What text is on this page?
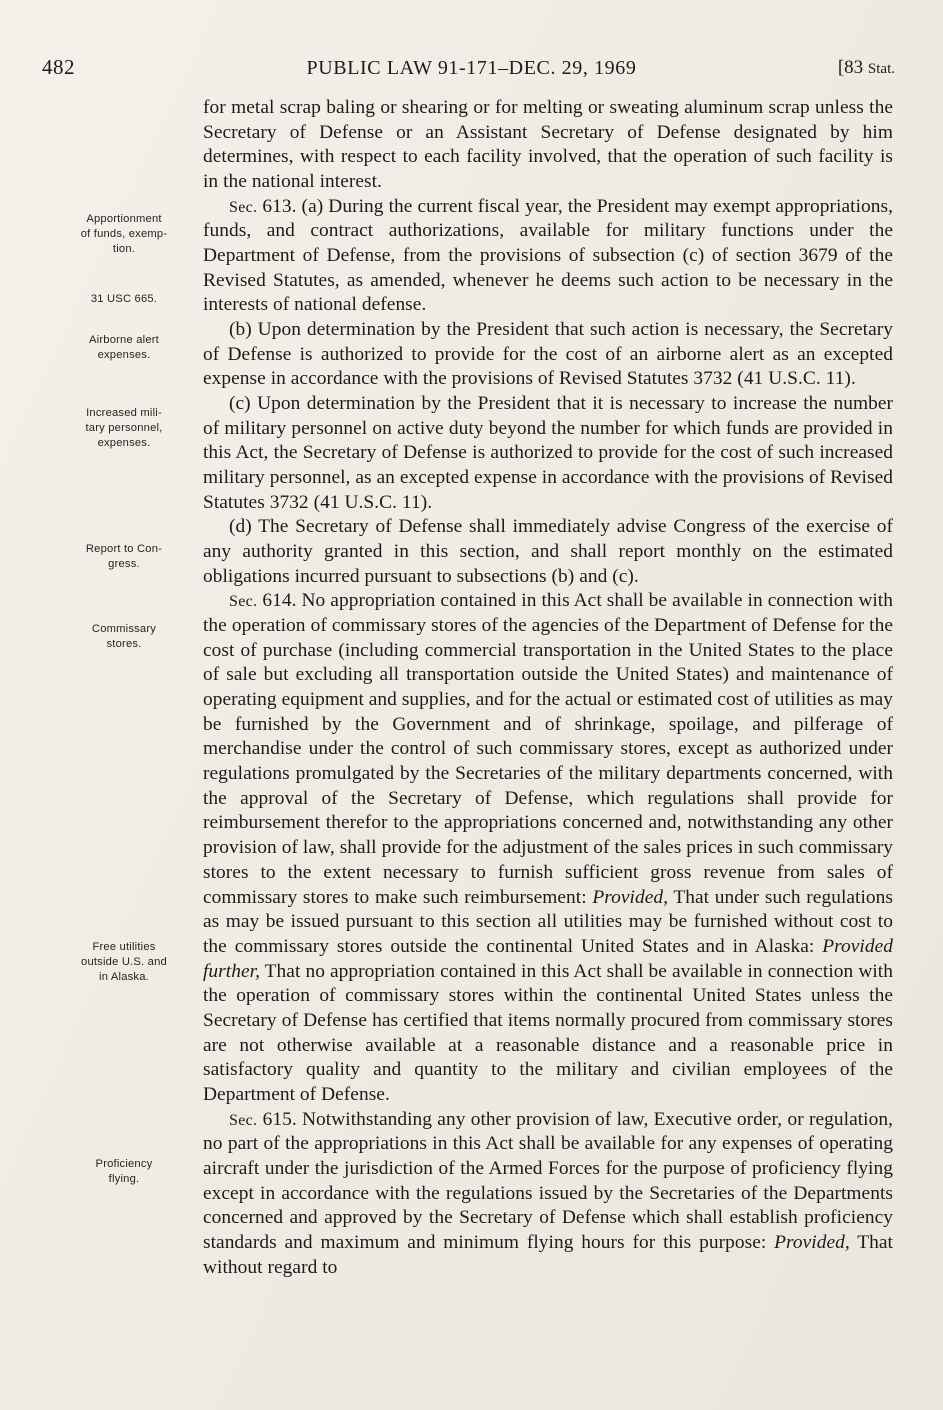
482	PUBLIC LAW 91-171–DEC. 29, 1969	[83 Stat.
Apportionment
of funds, exemp-
tion.
31 USC 665.
Airborne alert
expenses.
Increased mili-
tary personnel,
expenses.
Report to Con-
gress.
Commissary
stores.
Free utilities
outside U.S. and
in Alaska.
Proficiency
flying.

for metal scrap baling or shearing or for melting or sweating aluminum scrap unless the Secretary of Defense or an Assistant Secretary of Defense designated by him determines, with respect to each facility involved, that the operation of such facility is in the national interest.

Sec. 613. (a) During the current fiscal year, the President may exempt appropriations, funds, and contract authorizations, available for military functions under the Department of Defense, from the provisions of subsection (c) of section 3679 of the Revised Statutes, as amended, whenever he deems such action to be necessary in the interests of national defense.

(b) Upon determination by the President that such action is necessary, the Secretary of Defense is authorized to provide for the cost of an airborne alert as an excepted expense in accordance with the provisions of Revised Statutes 3732 (41 U.S.C. 11).

(c) Upon determination by the President that it is necessary to increase the number of military personnel on active duty beyond the number for which funds are provided in this Act, the Secretary of Defense is authorized to provide for the cost of such increased military personnel, as an excepted expense in accordance with the provisions of Revised Statutes 3732 (41 U.S.C. 11).

(d) The Secretary of Defense shall immediately advise Congress of the exercise of any authority granted in this section, and shall report monthly on the estimated obligations incurred pursuant to subsections (b) and (c).

Sec. 614. No appropriation contained in this Act shall be available in connection with the operation of commissary stores of the agencies of the Department of Defense for the cost of purchase (including commercial transportation in the United States to the place of sale but excluding all transportation outside the United States) and maintenance of operating equipment and supplies, and for the actual or estimated cost of utilities as may be furnished by the Government and of shrinkage, spoilage, and pilferage of merchandise under the control of such commissary stores, except as authorized under regulations promulgated by the Secretaries of the military departments concerned, with the approval of the Secretary of Defense, which regulations shall provide for reimbursement therefor to the appropriations concerned and, notwithstanding any other provision of law, shall provide for the adjustment of the sales prices in such commissary stores to the extent necessary to furnish sufficient gross revenue from sales of commissary stores to make such reimbursement: Provided, That under such regulations as may be issued pursuant to this section all utilities may be furnished without cost to the commissary stores outside the continental United States and in Alaska: Provided further, That no appropriation contained in this Act shall be available in connection with the operation of commissary stores within the continental United States unless the Secretary of Defense has certified that items normally procured from commissary stores are not otherwise available at a reasonable distance and a reasonable price in satisfactory quality and quantity to the military and civilian employees of the Department of Defense.

Sec. 615. Notwithstanding any other provision of law, Executive order, or regulation, no part of the appropriations in this Act shall be available for any expenses of operating aircraft under the jurisdiction of the Armed Forces for the purpose of proficiency flying except in accordance with the regulations issued by the Secretaries of the Departments concerned and approved by the Secretary of Defense which shall establish proficiency standards and maximum and minimum flying hours for this purpose: Provided, That without regard to
